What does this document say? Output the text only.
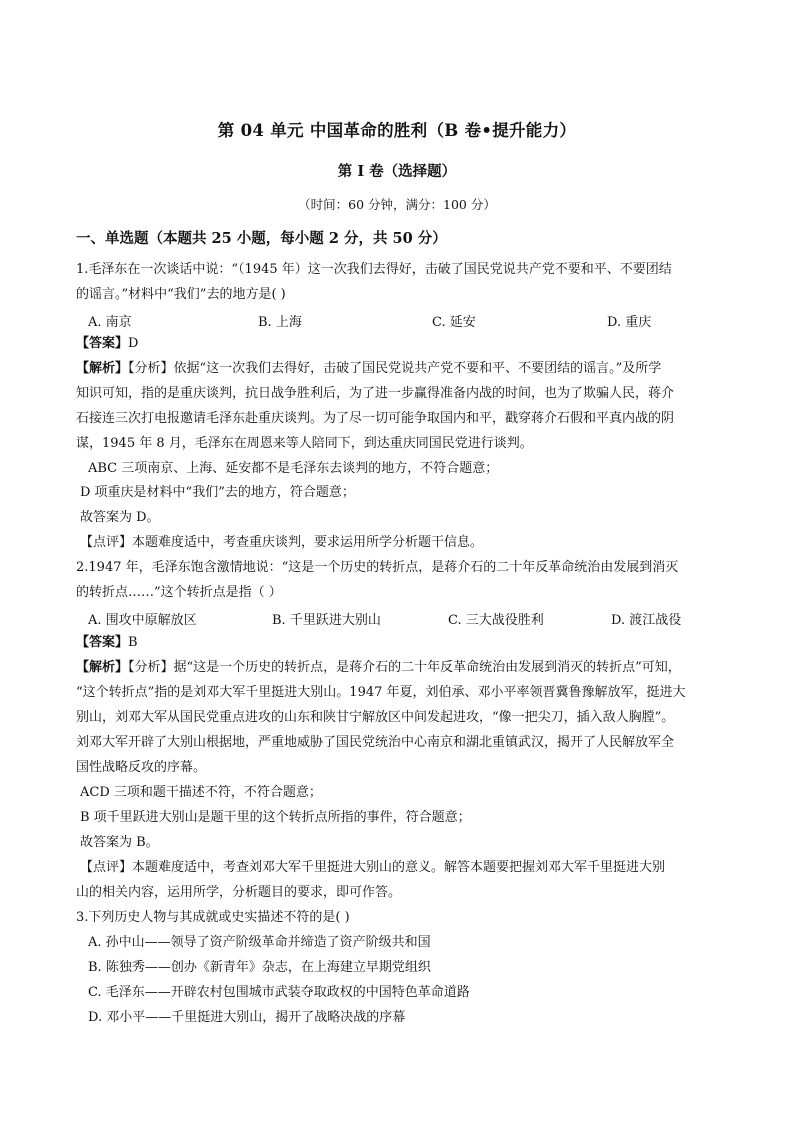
第 04 单元 中国革命的胜利（B 卷•提升能力）
第 I 卷（选择题）
（时间：60 分钟，满分：100 分）
一、单选题（本题共 25 小题，每小题 2 分，共 50 分）
1.毛泽东在一次谈话中说：“（1945 年）这一次我们去得好，击破了国民党说共产党不要和平、不要团结
的谣言。”材料中“我们”去的地方是( )
A. 南京	B. 上海	C. 延安	D. 重庆
【答案】D
【解析】【分析】依据“这一次我们去得好，击破了国民党说共产党不要和平、不要团结的谣言。”及所学
知识可知，指的是重庆谈判，抗日战争胜利后，为了进一步赢得准备内战的时间，也为了欺骗人民，蒋介
石接连三次打电报邀请毛泽东赴重庆谈判。为了尽一切可能争取国内和平，戳穿蒋介石假和平真内战的阴
谋，1945 年 8 月，毛泽东在周恩来等人陪同下，到达重庆同国民党进行谈判。
ABC 三项南京、上海、延安都不是毛泽东去谈判的地方，不符合题意；
D 项重庆是材料中“我们”去的地方，符合题意；
故答案为 D。
【点评】本题难度适中，考查重庆谈判，要求运用所学分析题干信息。
2.1947 年，毛泽东饱含激情地说：“这是一个历史的转折点，是蒋介石的二十年反革命统治由发展到消灭
的转折点……”这个转折点是指（ ）
A. 围攻中原解放区	B. 千里跃进大别山	C. 三大战役胜利	D. 渡江战役
【答案】B
【解析】【分析】据“这是一个历史的转折点，是蒋介石的二十年反革命统治由发展到消灭的转折点”可知，
“这个转折点”指的是刘邓大军千里挺进大别山。1947 年夏，刘伯承、邓小平率领晋冀鲁豫解放军，挺进大
别山，刘邓大军从国民党重点进攻的山东和陕甘宁解放区中间发起进攻，“像一把尖刀，插入敌人胸膛”。
刘邓大军开辟了大别山根据地，严重地威胁了国民党统治中心南京和湖北重镇武汉，揭开了人民解放军全
国性战略反攻的序幕。
ACD 三项和题干描述不符，不符合题意；
B 项千里跃进大别山是题干里的这个转折点所指的事件，符合题意；
故答案为 B。
【点评】本题难度适中，考查刘邓大军千里挺进大别山的意义。解答本题要把握刘邓大军千里挺进大别
山的相关内容，运用所学，分析题目的要求，即可作答。
3.下列历史人物与其成就或史实描述不符的是( )
A. 孙中山——领导了资产阶级革命并缔造了资产阶级共和国
B. 陈独秀——创办《新青年》杂志，在上海建立早期党组织
C. 毛泽东——开辟农村包围城市武装夺取政权的中国特色革命道路
D. 邓小平——千里挺进大别山，揭开了战略决战的序幕
